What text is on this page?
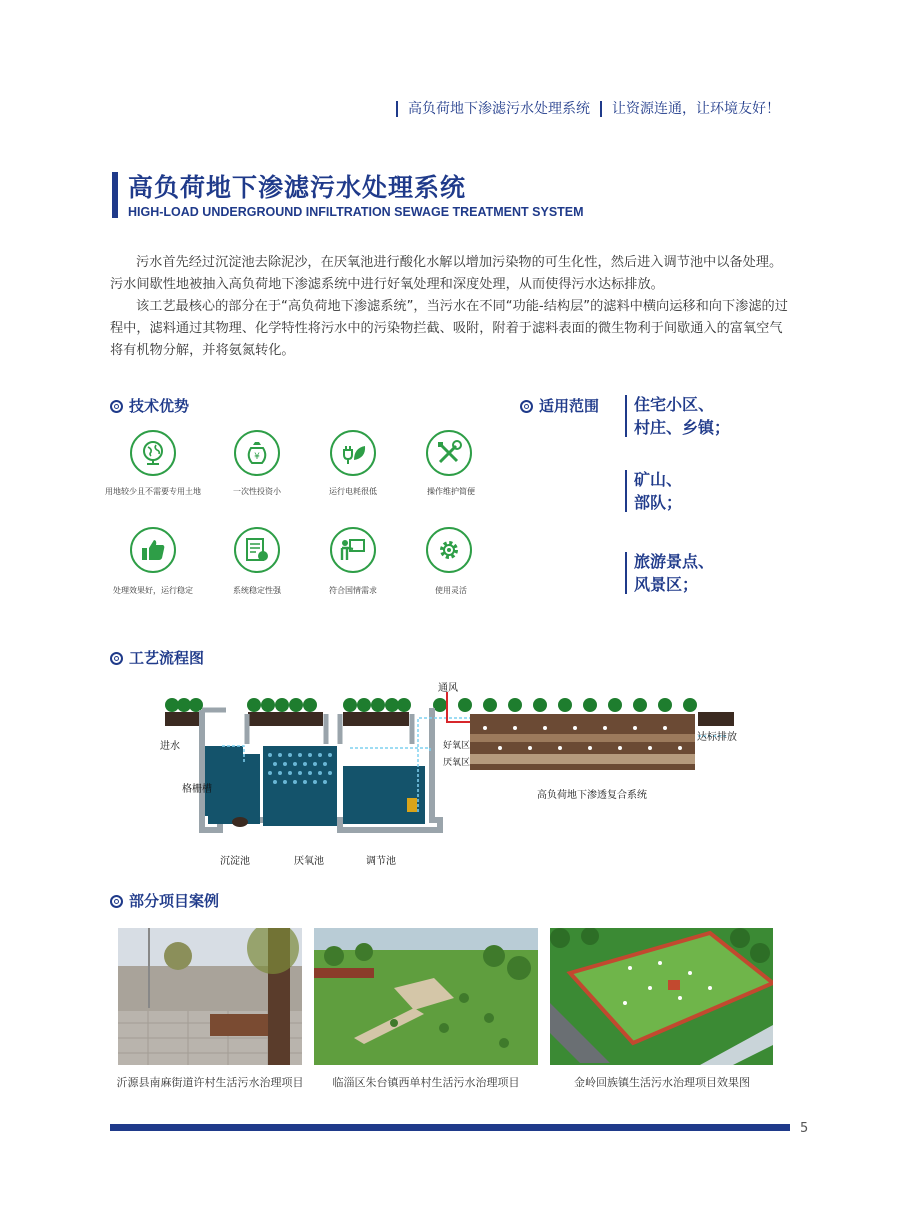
高负荷地下渗滤污水处理系统 让资源连通，让环境友好！
高负荷地下渗滤污水处理系统
HIGH-LOAD UNDERGROUND INFILTRATION SEWAGE TREATMENT SYSTEM
污水首先经过沉淀池去除泥沙，在厌氧池进行酸化水解以增加污染物的可生化性，然后进入调节池中以备处理。污水间歇性地被抽入高负荷地下渗滤系统中进行好氧处理和深度处理，从而使得污水达标排放。
该工艺最核心的部分在于“高负荷地下渗滤系统”，当污水在不同“功能-结构层”的滤料中横向运移和向下渗滤的过程中，滤料通过其物理、化学特性将污水中的污染物拦截、吸附，附着于滤料表面的微生物利于间歇通入的富氧空气将有机物分解，并将氨氮转化。
技术优势
¥
用地较少且不需要专用土地	一次性投资小	运行电耗很低	操作维护简便
处理效果好，运行稳定	系统稳定性强	符合国情需求	使用灵活
适用范围 住宅小区、
村庄、乡镇；
矿山、
部队；
旅游景点、
风景区；
工艺流程图
进水
格栅槽
沉淀池	厌氧池	调节池
通风
好氧区
厌氧区
达标排放
高负荷地下渗透复合系统
部分项目案例
沂源县南麻街道许村生活污水治理项目	临淄区朱台镇西单村生活污水治理项目	金岭回族镇生活污水治理项目效果图
5
